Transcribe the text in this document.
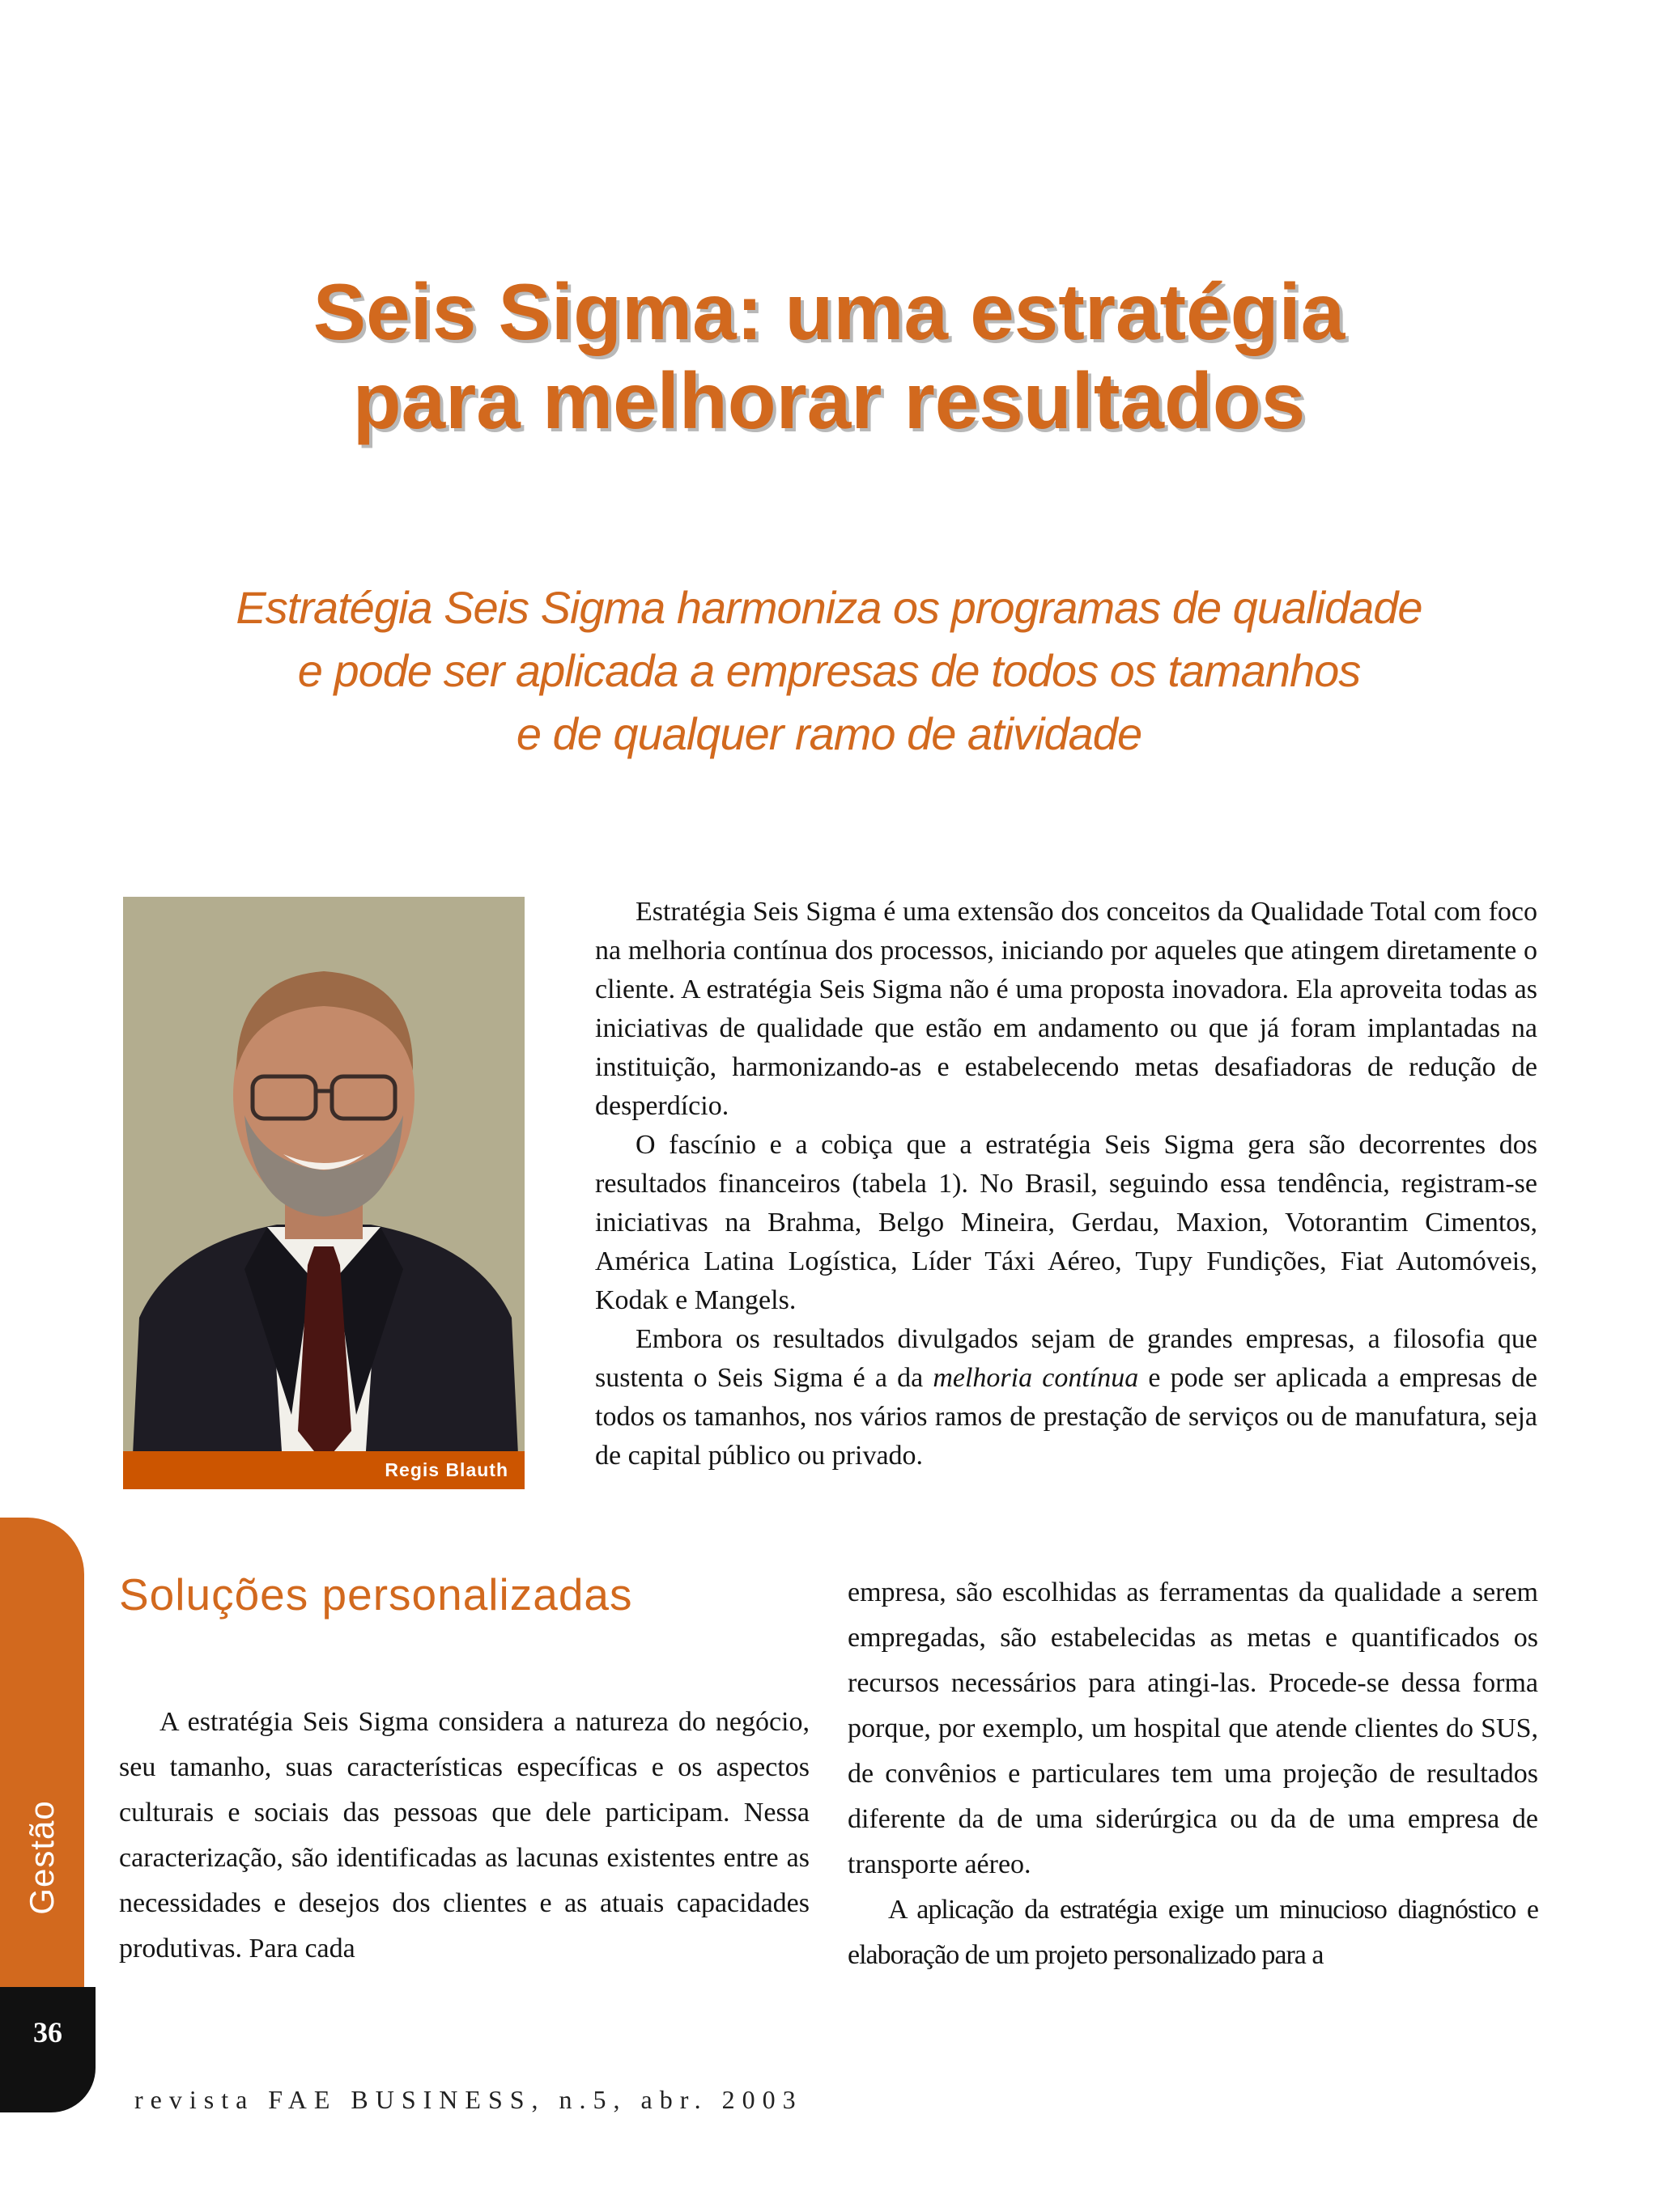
Seis Sigma: uma estratégia
para melhorar resultados
Estratégia Seis Sigma harmoniza os programas de qualidade
e pode ser aplicada a empresas de todos os tamanhos
e de qualquer ramo de atividade
Regis Blauth

Estratégia Seis Sigma é uma extensão dos conceitos da Qualidade Total com foco na melhoria contínua dos processos, iniciando por aqueles que atingem diretamente o cliente. A estratégia Seis Sigma não é uma proposta inovadora. Ela aproveita todas as iniciativas de qualidade que estão em andamento ou que já foram implantadas na instituição, harmonizando-as e estabelecendo metas desafiadoras de redução de desperdício.

O fascínio e a cobiça que a estratégia Seis Sigma gera são decorrentes dos resultados financeiros (tabela 1). No Brasil, seguindo essa tendência, registram-se iniciativas na Brahma, Belgo Mineira, Gerdau, Maxion, Votorantim Cimentos, América Latina Logística, Líder Táxi Aéreo, Tupy Fundições, Fiat Automóveis, Kodak e Mangels.

Embora os resultados divulgados sejam de grandes empresas, a filosofia que sustenta o Seis Sigma é a da melhoria contínua e pode ser aplicada a empresas de todos os tamanhos, nos vários ramos de prestação de serviços ou de manufatura, seja de capital público ou privado.

Soluções personalizadas

A estratégia Seis Sigma considera a natureza do negócio, seu tamanho, suas características específicas e os aspectos culturais e sociais das pessoas que dele participam. Nessa caracterização, são identificadas as lacunas existentes entre as necessidades e desejos dos clientes e as atuais capacidades produtivas. Para cada

empresa, são escolhidas as ferramentas da qualidade a serem empregadas, são estabelecidas as metas e quantificados os recursos necessários para atingi-las. Procede-se dessa forma porque, por exemplo, um hospital que atende clientes do SUS, de convênios e particulares tem uma projeção de resultados diferente da de uma siderúrgica ou da de uma empresa de transporte aéreo.

A aplicação da estratégia exige um minucioso diagnóstico e elaboração de um projeto personalizado para a

Gestão
36
revista FAE BUSINESS, n.5, abr. 2003
